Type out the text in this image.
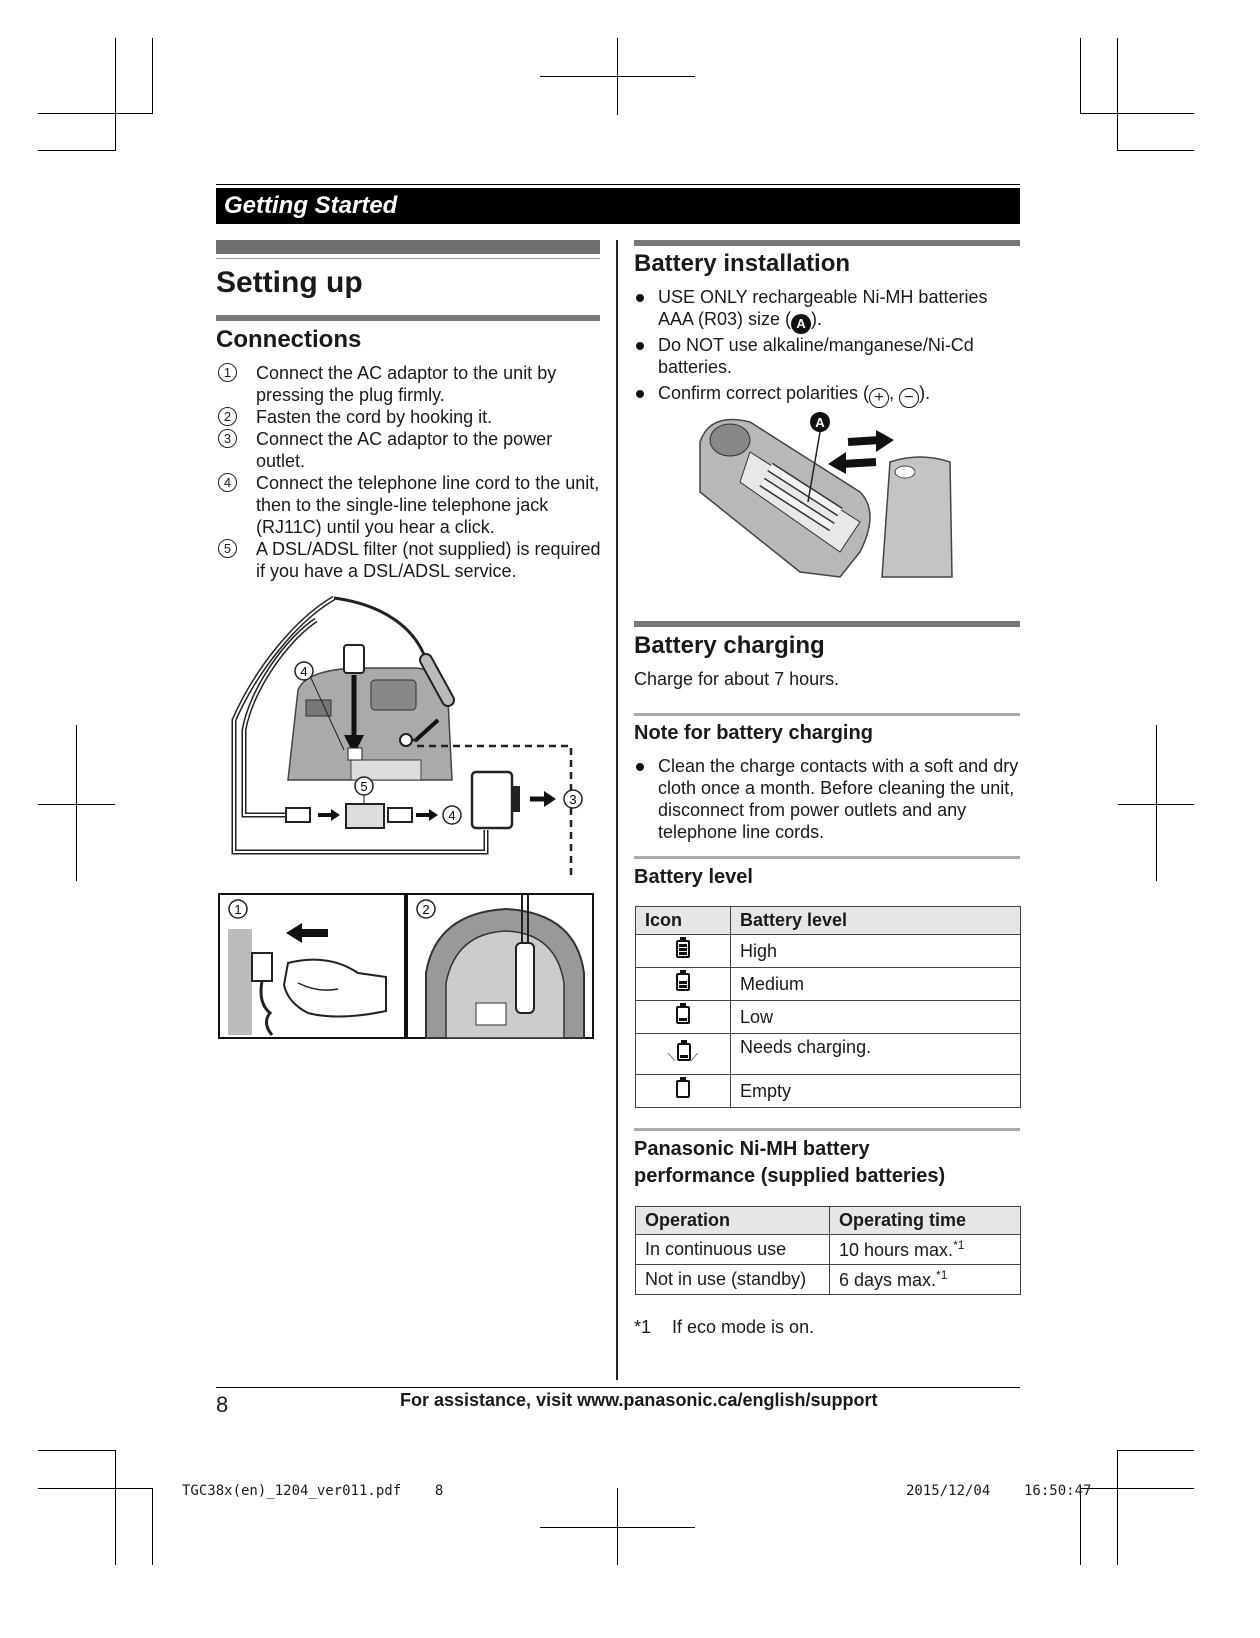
Getting Started
Setting up
Connections
1	Connect the AC adaptor to the unit by pressing the plug firmly.
2	Fasten the cord by hooking it.
3	Connect the AC adaptor to the power outlet.
4	Connect the telephone line cord to the unit, then to the single-line telephone jack (RJ11C) until you hear a click.
5	A DSL/ADSL filter (not supplied) is required if you have a DSL/ADSL service.
4
5
4
3
1	2
Battery installation
USE ONLY rechargeable Ni-MH batteries AAA (R03) size ( A ).
Do NOT use alkaline/manganese/Ni-Cd batteries.
Confirm correct polarities ( + , − ).
A
Battery charging
Charge for about 7 hours.
Note for battery charging
Clean the charge contacts with a soft and dry cloth once a month. Before cleaning the unit, disconnect from power outlets and any telephone line cords.
Battery level
Icon	Battery level

	High

	Medium

	Low
⟍ ⟋	Needs charging.
	Empty
Panasonic Ni-MH battery
performance (supplied batteries)
Operation	Operating time
In continuous use	10 hours max.$^{*1}$
Not in use (standby)	6 days max.$^{*1}$
*1 If eco mode is on.
8	For assistance, visit www.panasonic.ca/english/support
TGC38x(en)_1204_ver011.pdf    8	2015/12/04    16:50:47
